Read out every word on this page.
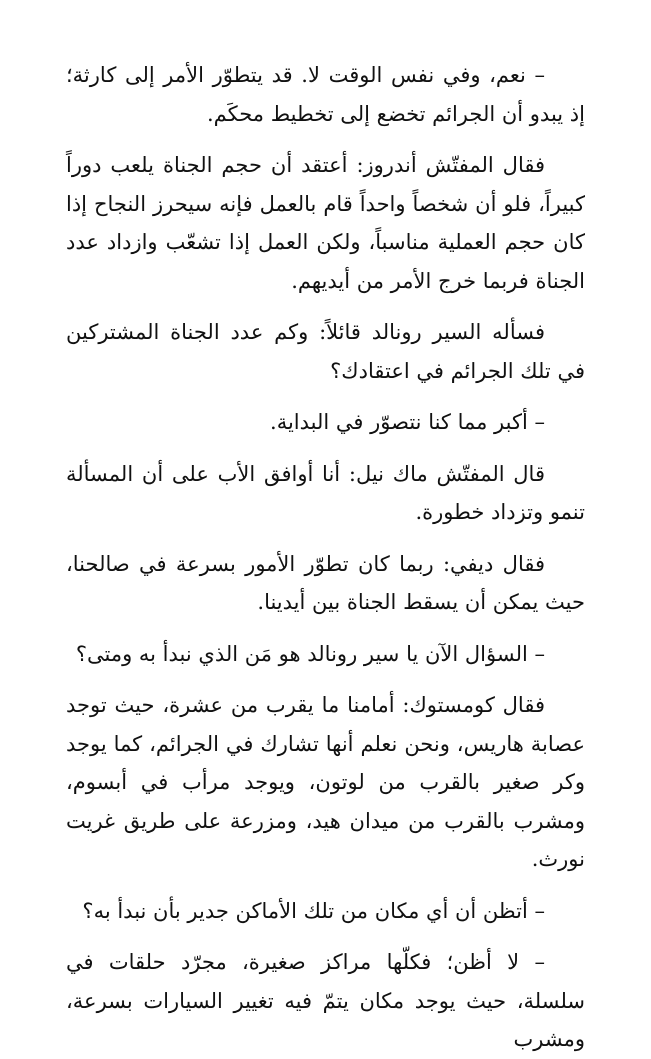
– نعم، وفي نفس الوقت لا. قد يتطوّر الأمر إلى كارثة؛ إذ يبدو أن الجرائم تخضع إلى تخطيط محكَم.

فقال المفتّش أندروز: أعتقد أن حجم الجناة يلعب دوراً كبيراً، فلو أن شخصاً واحداً قام بالعمل فإنه سيحرز النجاح إذا كان حجم العملية مناسباً، ولكن العمل إذا تشعّب وازداد عدد الجناة فربما خرج الأمر من أيديهم.

فسأله السير رونالد قائلاً: وكم عدد الجناة المشتركين في تلك الجرائم في اعتقادك؟

– أكبر مما كنا نتصوّر في البداية.

قال المفتّش ماك نيل: أنا أوافق الأب على أن المسألة تنمو وتزداد خطورة.

فقال ديفي: ربما كان تطوّر الأمور بسرعة في صالحنا، حيث يمكن أن يسقط الجناة بين أيدينا.

– السؤال الآن يا سير رونالد هو مَن الذي نبدأ به ومتى؟

فقال كومستوك: أمامنا ما يقرب من عشرة، حيث توجد عصابة هاريس، ونحن نعلم أنها تشارك في الجرائم، كما يوجد وكر صغير بالقرب من لوتون، ويوجد مرأب في أبسوم، ومشرب بالقرب من ميدان هيد، ومزرعة على طريق غريت نورث.

– أتظن أن أي مكان من تلك الأماكن جدير بأن نبدأ به؟

– لا أظن؛ فكلّها مراكز صغيرة، مجرّد حلقات في سلسلة، حيث يوجد مكان يتمّ فيه تغيير السيارات بسرعة، ومشرب
